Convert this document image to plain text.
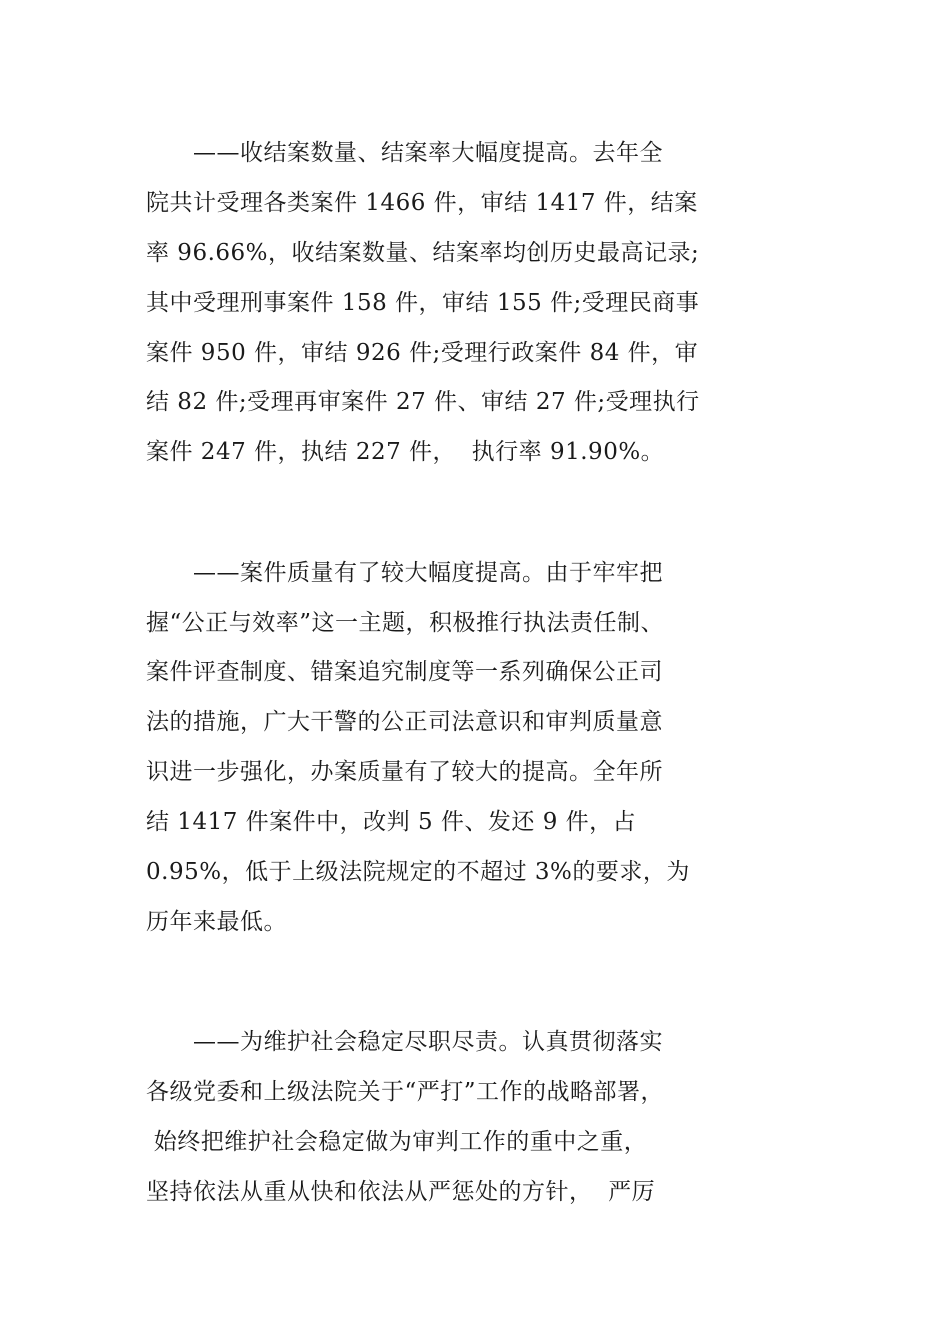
　　——收结案数量、结案率大幅度提高。去年全
院共计受理各类案件 1466 件，审结 1417 件，结案
率 96.66%，收结案数量、结案率均创历史最高记录;
其中受理刑事案件 158 件，审结 155 件;受理民商事
案件 950 件，审结 926 件;受理行政案件 84 件，审
结 82 件;受理再审案件 27 件、审结 27 件;受理执行
案件 247 件，执结 227 件，  执行率 91.90%。
　　——案件质量有了较大幅度提高。由于牢牢把
握“公正与效率”这一主题，积极推行执法责任制、
案件评查制度、错案追究制度等一系列确保公正司
法的措施，广大干警的公正司法意识和审判质量意
识进一步强化，办案质量有了较大的提高。全年所
结 1417 件案件中，改判 5 件、发还 9 件，占
0.95%，低于上级法院规定的不超过 3%的要求，为
历年来最低。
　　——为维护社会稳定尽职尽责。认真贯彻落实
各级党委和上级法院关于“严打”工作的战略部署，
始终把维护社会稳定做为审判工作的重中之重，
坚持依法从重从快和依法从严惩处的方针，  严厉
